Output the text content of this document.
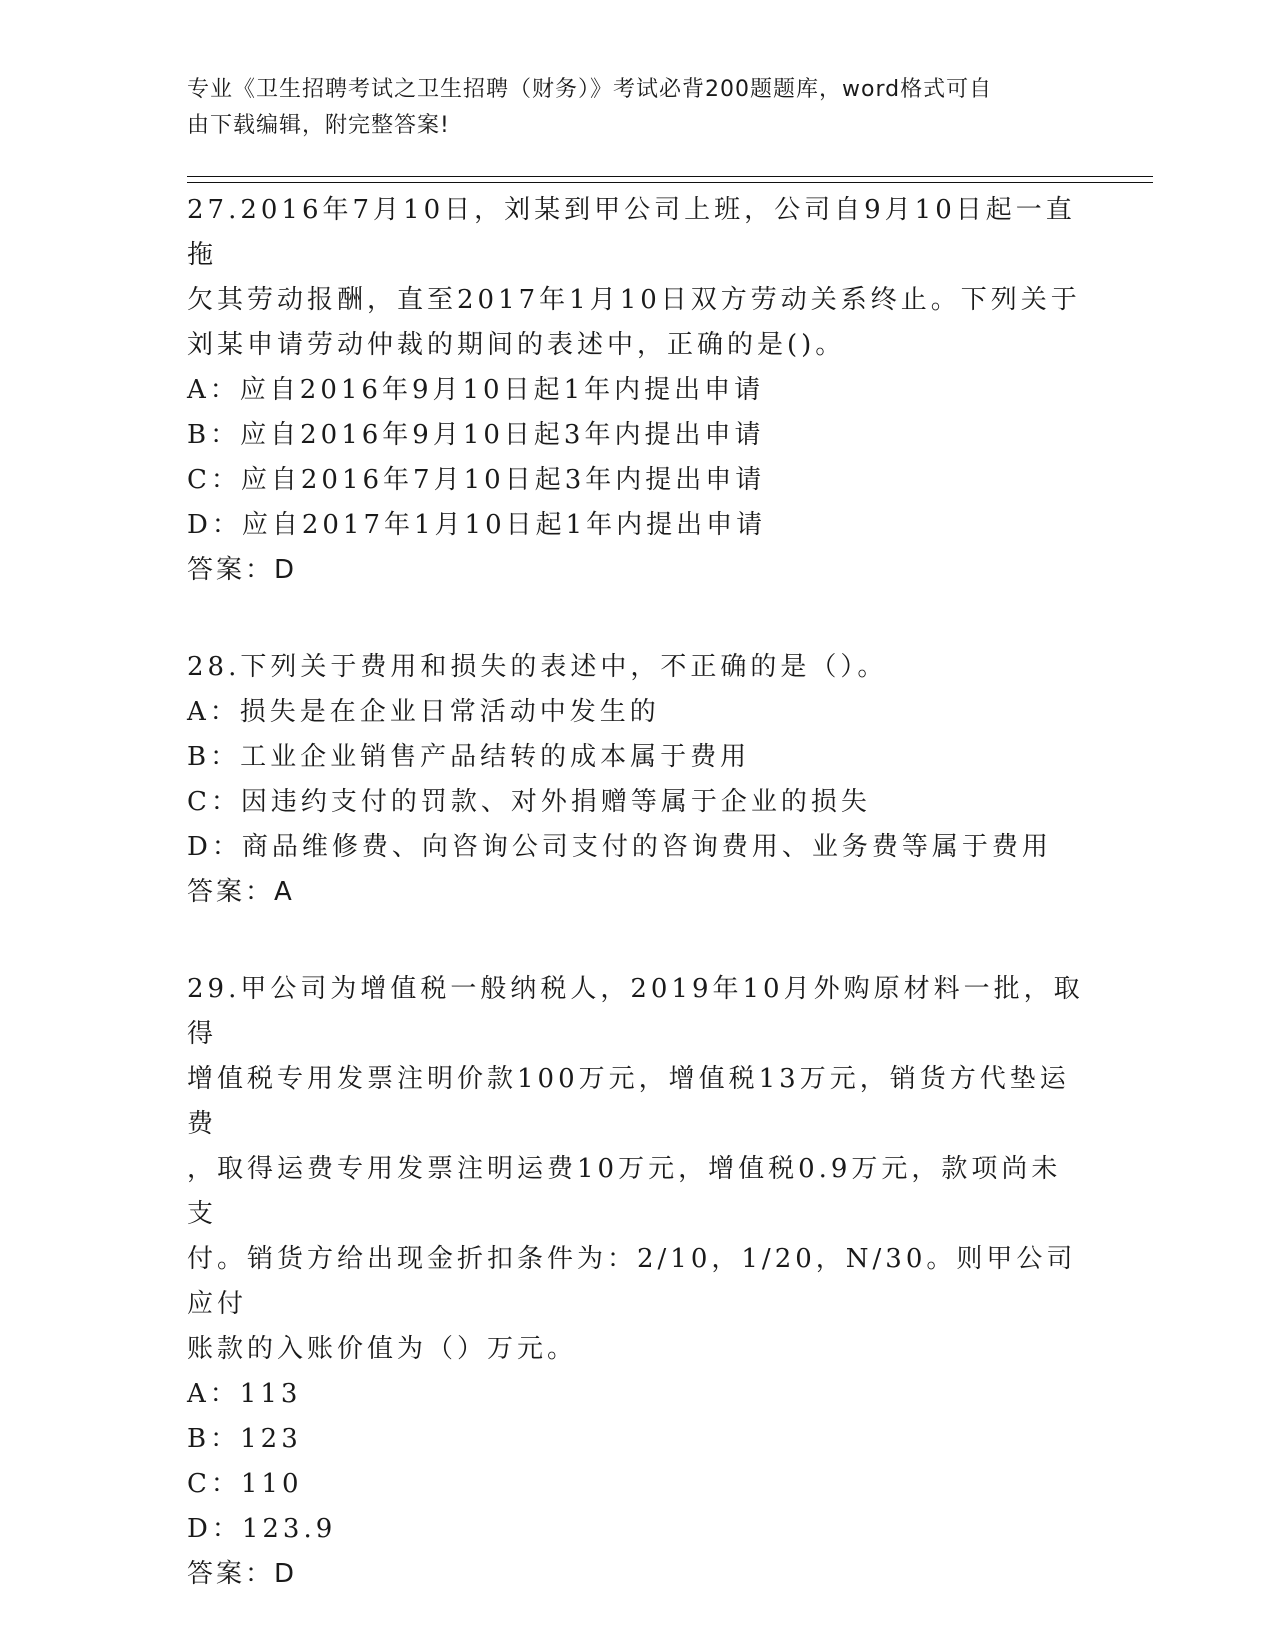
专业《卫生招聘考试之卫生招聘（财务）》考试必背200题题库，word格式可自
由下载编辑，附完整答案!

27.2016年7月10日，刘某到甲公司上班，公司自9月10日起一直拖

欠其劳动报酬，直至2017年1月10日双方劳动关系终止。下列关于

刘某申请劳动仲裁的期间的表述中，正确的是()。

A：应自2016年9月10日起1年内提出申请

B：应自2016年9月10日起3年内提出申请

C：应自2016年7月10日起3年内提出申请

D：应自2017年1月10日起1年内提出申请

答案：D

28.下列关于费用和损失的表述中，不正确的是（）。

A：损失是在企业日常活动中发生的

B：工业企业销售产品结转的成本属于费用

C：因违约支付的罚款、对外捐赠等属于企业的损失

D：商品维修费、向咨询公司支付的咨询费用、业务费等属于费用

答案：A

29.甲公司为增值税一般纳税人，2019年10月外购原材料一批，取得

增值税专用发票注明价款100万元，增值税13万元，销货方代垫运费

，取得运费专用发票注明运费10万元，增值税0.9万元，款项尚未支

付。销货方给出现金折扣条件为：2/10，1/20，N/30。则甲公司应付

账款的入账价值为（）万元。

A：113

B：123

C：110

D：123.9

答案：D
